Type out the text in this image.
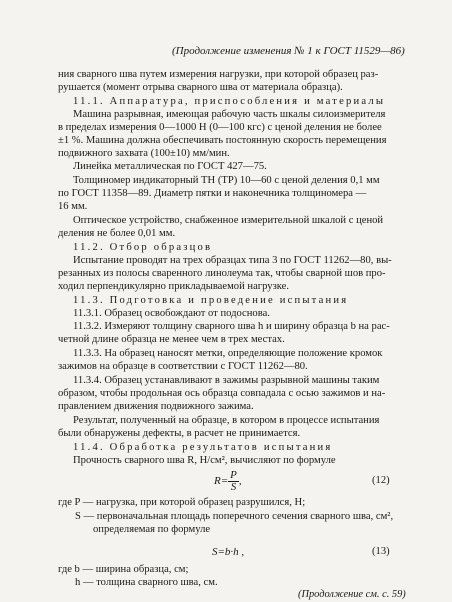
(Продолжение изменения № 1 к ГОСТ 11529—86)
ния сварного шва путем измерения нагрузки, при которой образец раз-
рушается (момент отрыва сварного шва от материала образца).
11.1. Аппаратура, приспособления и материалы
Машина разрывная, имеющая рабочую часть шкалы силоизмерителя
в пределах измерения 0—1000 Н (0—100 кгс) с ценой деления не более
±1 %. Машина должна обеспечивать постоянную скорость перемещения
подвижного захвата (100±10) мм/мин.
Линейка металлическая по ГОСТ 427—75.
Толщиномер индикаторный ТН (ТР) 10—60 с ценой деления 0,1 мм
по ГОСТ 11358—89. Диаметр пятки и наконечника толщиномера —
16 мм.
Оптическое устройство, снабженное измерительной шкалой с ценой
деления не более 0,01 мм.
11.2. Отбор образцов
Испытание проводят на трех образцах типа 3 по ГОСТ 11262—80, вы-
резанных из полосы сваренного линолеума так, чтобы сварной шов про-
ходил перпендикулярно прикладываемой нагрузке.
11.3. Подготовка и проведение испытания
11.3.1. Образец освобождают от подоснова.
11.3.2. Измеряют толщину сварного шва h и ширину образца b на рас-
четной длине образца не менее чем в трех местах.
11.3.3. На образец наносят метки, определяющие положение кромок
зажимов на образце в соответствии с ГОСТ 11262—80.
11.3.4. Образец устанавливают в зажимы разрывной машины таким
образом, чтобы продольная ось образца совпадала с осью зажимов и на-
правлением движения подвижного зажима.
Результат, полученный на образце, в котором в процессе испытания
были обнаружены дефекты, в расчет не принимается.
11.4. Обработка результатов испытания
Прочность сварного шва R, Н/см², вычисляют по формуле
$R= \frac{P}{S}$ ,	(12)
где P — нагрузка, при которой образец разрушился, Н;
S — первоначальная площадь поперечного сечения сварного шва, см²,
определяемая по формуле
S=b·h ,	(13)
где b — ширина образца, см;
h — толщина сварного шва, см.
(Продолжение см. с. 59)
